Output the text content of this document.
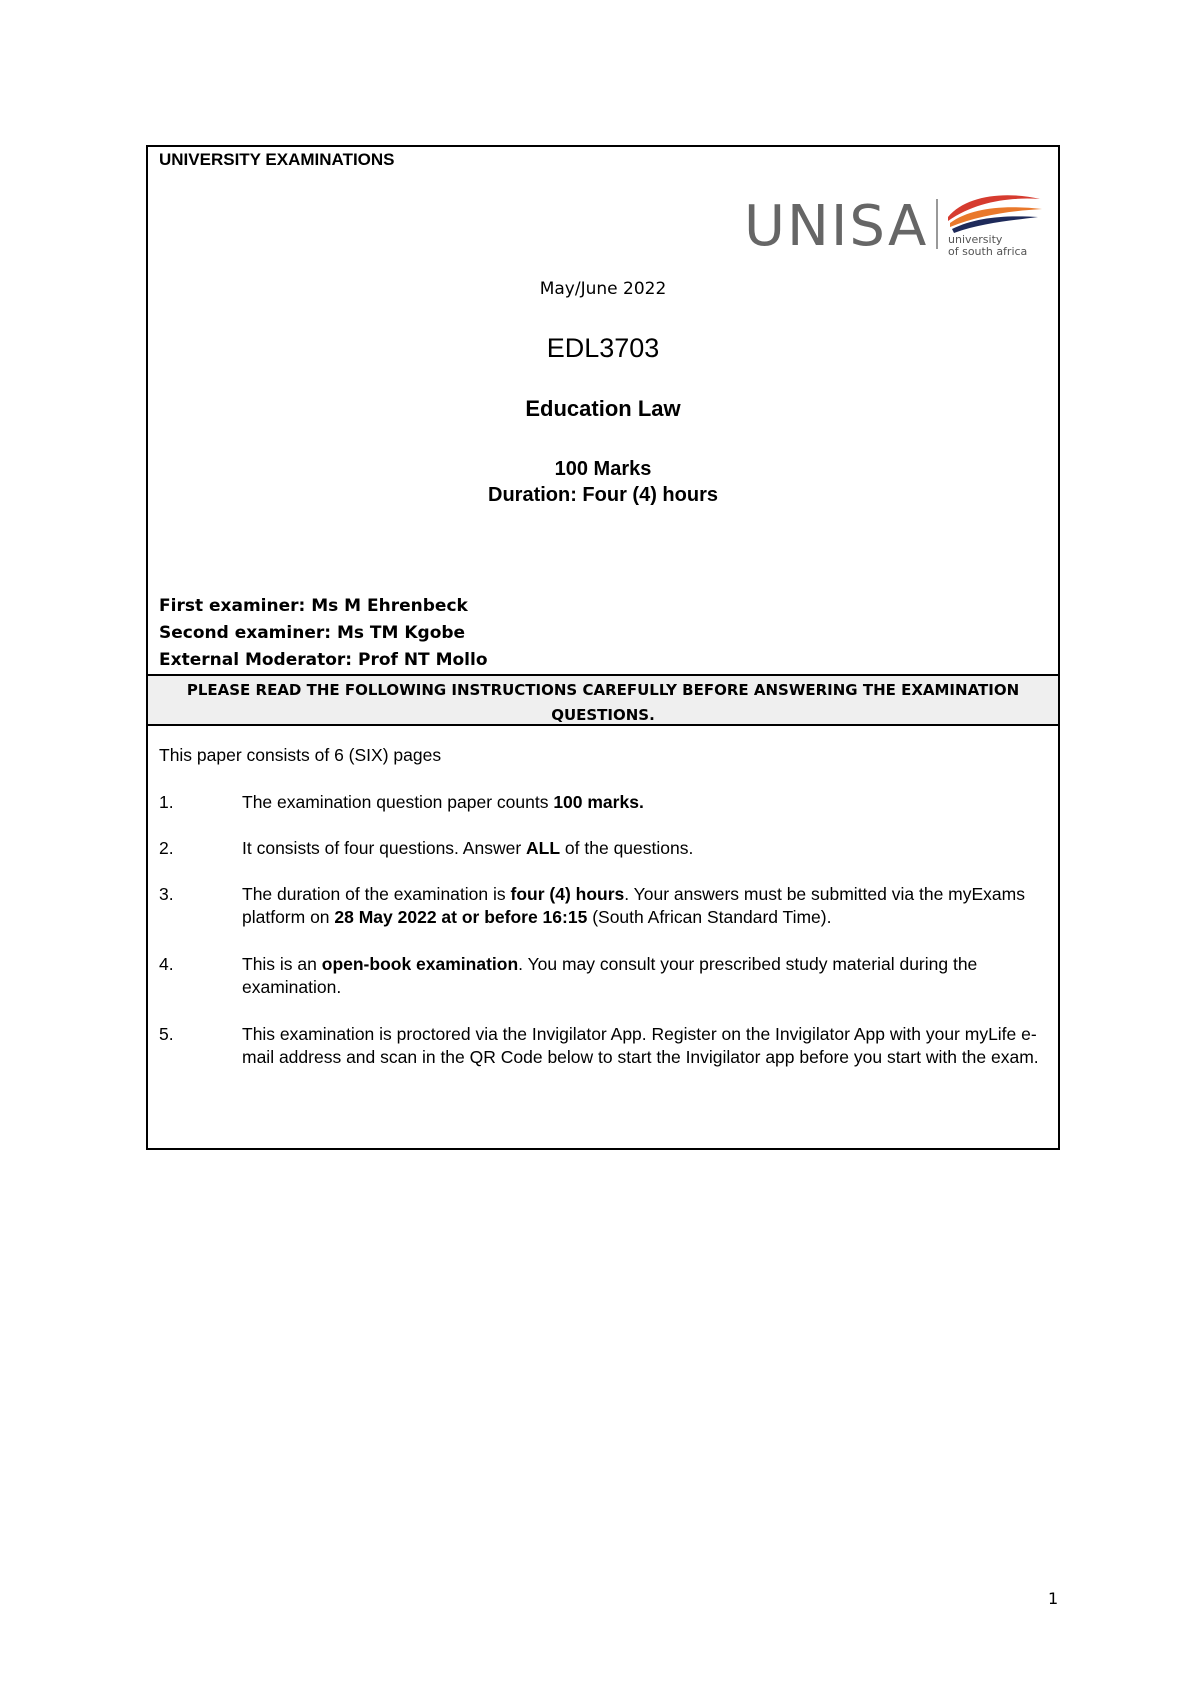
UNIVERSITY EXAMINATIONS
UNISA university
of south africa
May/June 2022
EDL3703
Education Law
100 Marks
Duration: Four (4) hours
First examiner: Ms M Ehrenbeck
Second examiner: Ms TM Kgobe
External Moderator: Prof NT Mollo
PLEASE READ THE FOLLOWING INSTRUCTIONS CAREFULLY BEFORE ANSWERING THE EXAMINATION QUESTIONS.
This paper consists of 6 (SIX) pages
1.	The examination question paper counts 100 marks.
2.	It consists of four questions. Answer ALL of the questions.
3.	The duration of the examination is four (4) hours. Your answers must be submitted via the myExams platform on 28 May 2022 at or before 16:15 (South African Standard Time).
4.	This is an open-book examination. You may consult your prescribed study material during the examination.
5.	This examination is proctored via the Invigilator App. Register on the Invigilator App with your myLife e-mail address and scan in the QR Code below to start the Invigilator app before you start with the exam.
1
